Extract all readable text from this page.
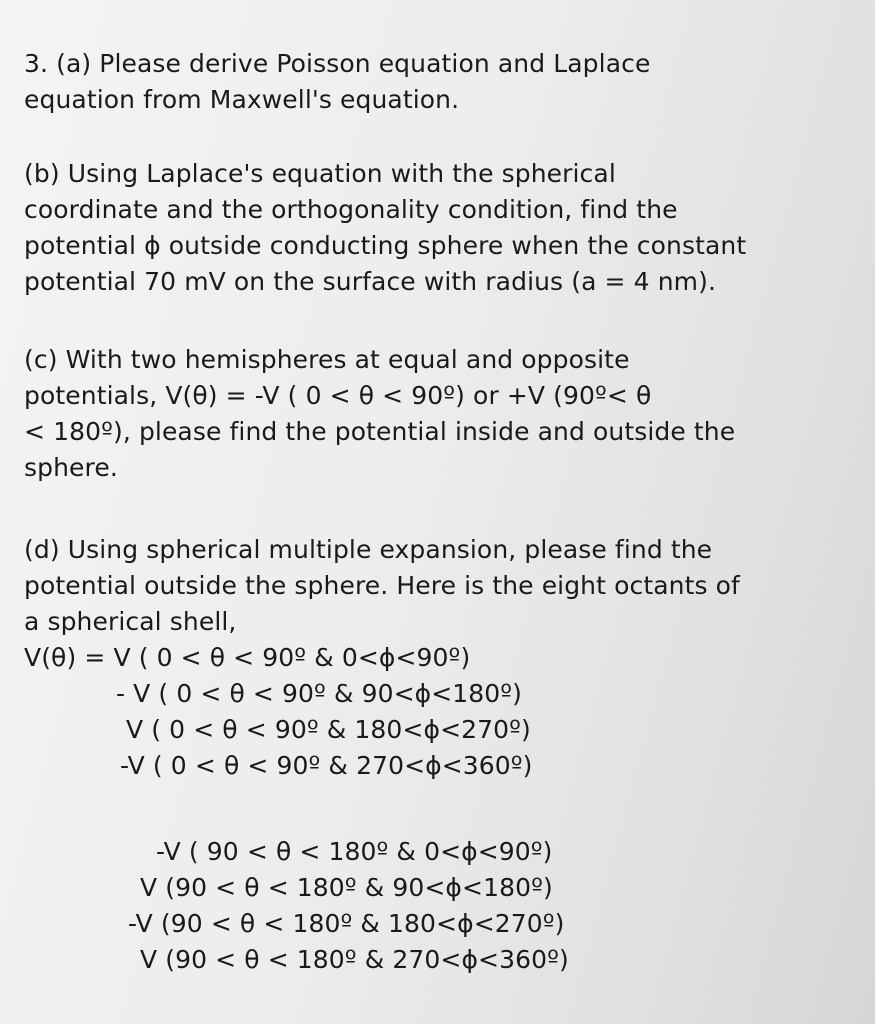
3. (a) Please derive Poisson equation and Laplace
equation from Maxwell's equation.
(b) Using Laplace's equation with the spherical
coordinate and the orthogonality condition, find the
potential ϕ outside conducting sphere when the constant
potential 70 mV on the surface with radius (a = 4 nm).
(c) With two hemispheres at equal and opposite
potentials, V(θ) = -V ( 0 < θ < 90º) or +V (90º< θ
< 180º), please find the potential inside and outside the
sphere.
(d) Using spherical multiple expansion, please find the
potential outside the sphere. Here is the eight octants of
a spherical shell,
V(θ) = V ( 0 < θ < 90º & 0<ϕ<90º)
- V ( 0 < θ < 90º & 90<ϕ<180º)
V ( 0 < θ < 90º & 180<ϕ<270º)
-V ( 0 < θ < 90º & 270<ϕ<360º)
-V ( 90 < θ < 180º & 0<ϕ<90º)
V (90 < θ < 180º & 90<ϕ<180º)
-V (90 < θ < 180º & 180<ϕ<270º)
V (90 < θ < 180º & 270<ϕ<360º)
